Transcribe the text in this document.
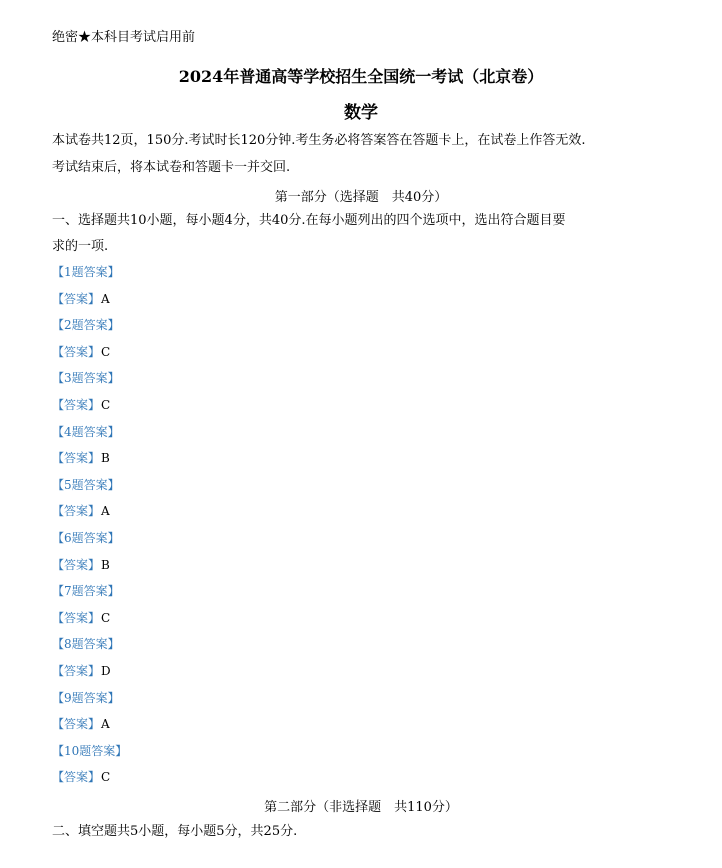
绝密★本科目考试启用前
2024年普通高等学校招生全国统一考试（北京卷）
数学
本试卷共12页，150分.考试时长120分钟.考生务必将答案答在答题卡上，在试卷上作答无效.
考试结束后，将本试卷和答题卡一并交回.
第一部分（选择题　共40分）
一、选择题共10小题，每小题4分，共40分.在每小题列出的四个选项中，选出符合题目要
求的一项.
【1题答案】
【答案】A
【2题答案】
【答案】C
【3题答案】
【答案】C
【4题答案】
【答案】B
【5题答案】
【答案】A
【6题答案】
【答案】B
【7题答案】
【答案】C
【8题答案】
【答案】D
【9题答案】
【答案】A
【10题答案】
【答案】C
第二部分（非选择题　共110分）
二、填空题共5小题，每小题5分，共25分.
